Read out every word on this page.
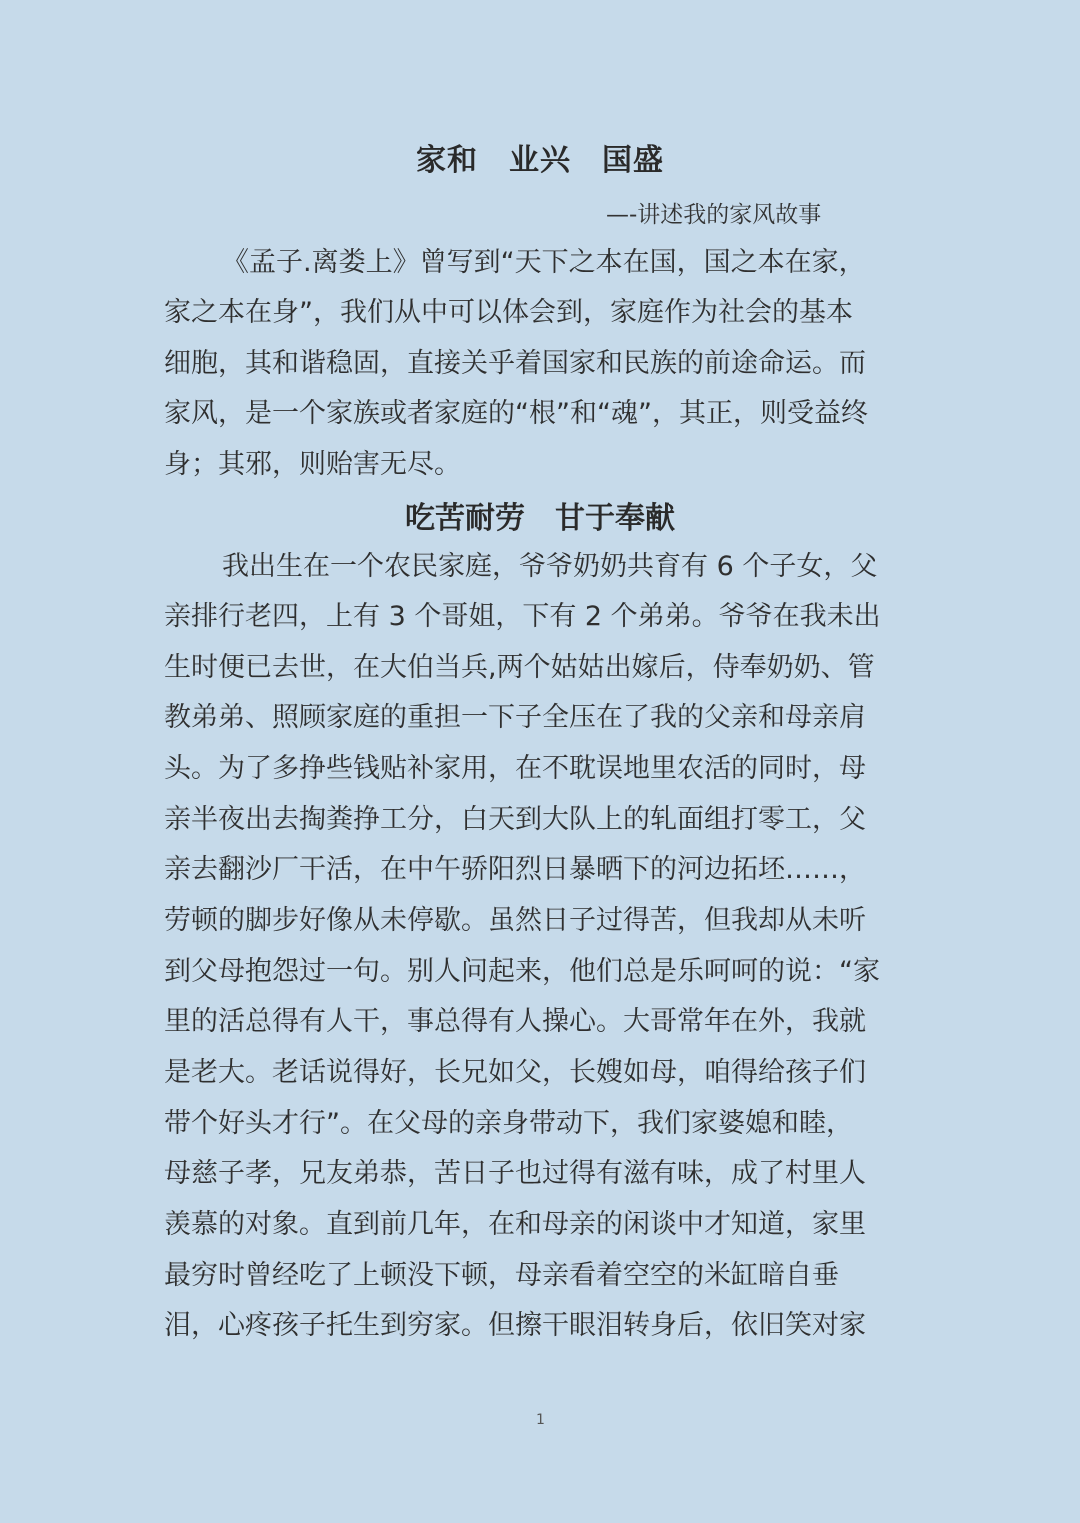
家和　业兴　国盛
—-讲述我的家风故事
《孟子.离娄上》曾写到“天下之本在国，国之本在家，
家之本在身”，我们从中可以体会到，家庭作为社会的基本
细胞，其和谐稳固，直接关乎着国家和民族的前途命运。而
家风，是一个家族或者家庭的“根”和“魂”，其正，则受益终
身；其邪，则贻害无尽。
吃苦耐劳　甘于奉献
我出生在一个农民家庭，爷爷奶奶共育有 6 个子女，父
亲排行老四，上有 3 个哥姐，下有 2 个弟弟。爷爷在我未出
生时便已去世，在大伯当兵,两个姑姑出嫁后，侍奉奶奶、管
教弟弟、照顾家庭的重担一下子全压在了我的父亲和母亲肩
头。为了多挣些钱贴补家用，在不耽误地里农活的同时，母
亲半夜出去掏粪挣工分，白天到大队上的轧面组打零工，父
亲去翻沙厂干活，在中午骄阳烈日暴晒下的河边拓坯……，
劳顿的脚步好像从未停歇。虽然日子过得苦，但我却从未听
到父母抱怨过一句。别人问起来，他们总是乐呵呵的说：“家
里的活总得有人干，事总得有人操心。大哥常年在外，我就
是老大。老话说得好，长兄如父，长嫂如母，咱得给孩子们
带个好头才行”。在父母的亲身带动下，我们家婆媳和睦，
母慈子孝，兄友弟恭，苦日子也过得有滋有味，成了村里人
羡慕的对象。直到前几年，在和母亲的闲谈中才知道，家里
最穷时曾经吃了上顿没下顿，母亲看着空空的米缸暗自垂
泪，心疼孩子托生到穷家。但擦干眼泪转身后，依旧笑对家
1
